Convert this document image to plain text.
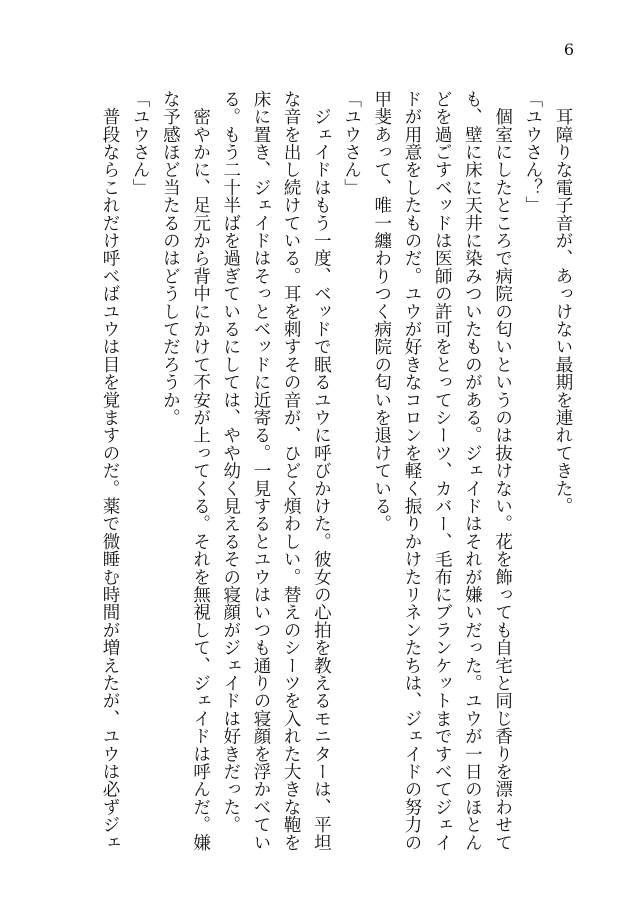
6

　耳障りな電子音が、あっけない最期を連れてきた。

「ユウさん？」

　個室にしたところで病院の匂いというのは抜けない。花を飾っても自宅と同じ香りを漂わせて

も、壁に床に天井に染みついたものがある。ジェイドはそれが嫌いだった。ユウが一日のほとん

どを過ごすベッドは医師の許可をとってシーツ、カバー、毛布にブランケットまですべてジェイ

ドが用意をしたものだ。ユウが好きなコロンを軽く振りかけたリネンたちは、ジェイドの努力の

甲斐あって、唯一纏わりつく病院の匂いを退けている。

「ユウさん」

　ジェイドはもう一度、ベッドで眠るユウに呼びかけた。彼女の心拍を教えるモニターは、平坦

な音を出し続けている。耳を刺すその音が、ひどく煩わしい。替えのシーツを入れた大きな鞄を

床に置き、ジェイドはそっとベッドに近寄る。一見するとユウはいつも通りの寝顔を浮かべてい

る。もう二十半ばを過ぎているにしては、やや幼く見えるその寝顔がジェイドは好きだった。

　密やかに、足元から背中にかけて不安が上ってくる。それを無視して、ジェイドは呼んだ。嫌

な予感ほど当たるのはどうしてだろうか。

「ユウさん」

　普段ならこれだけ呼べばユウは目を覚ますのだ。薬で微睡む時間が増えたが、ユウは必ずジェ
